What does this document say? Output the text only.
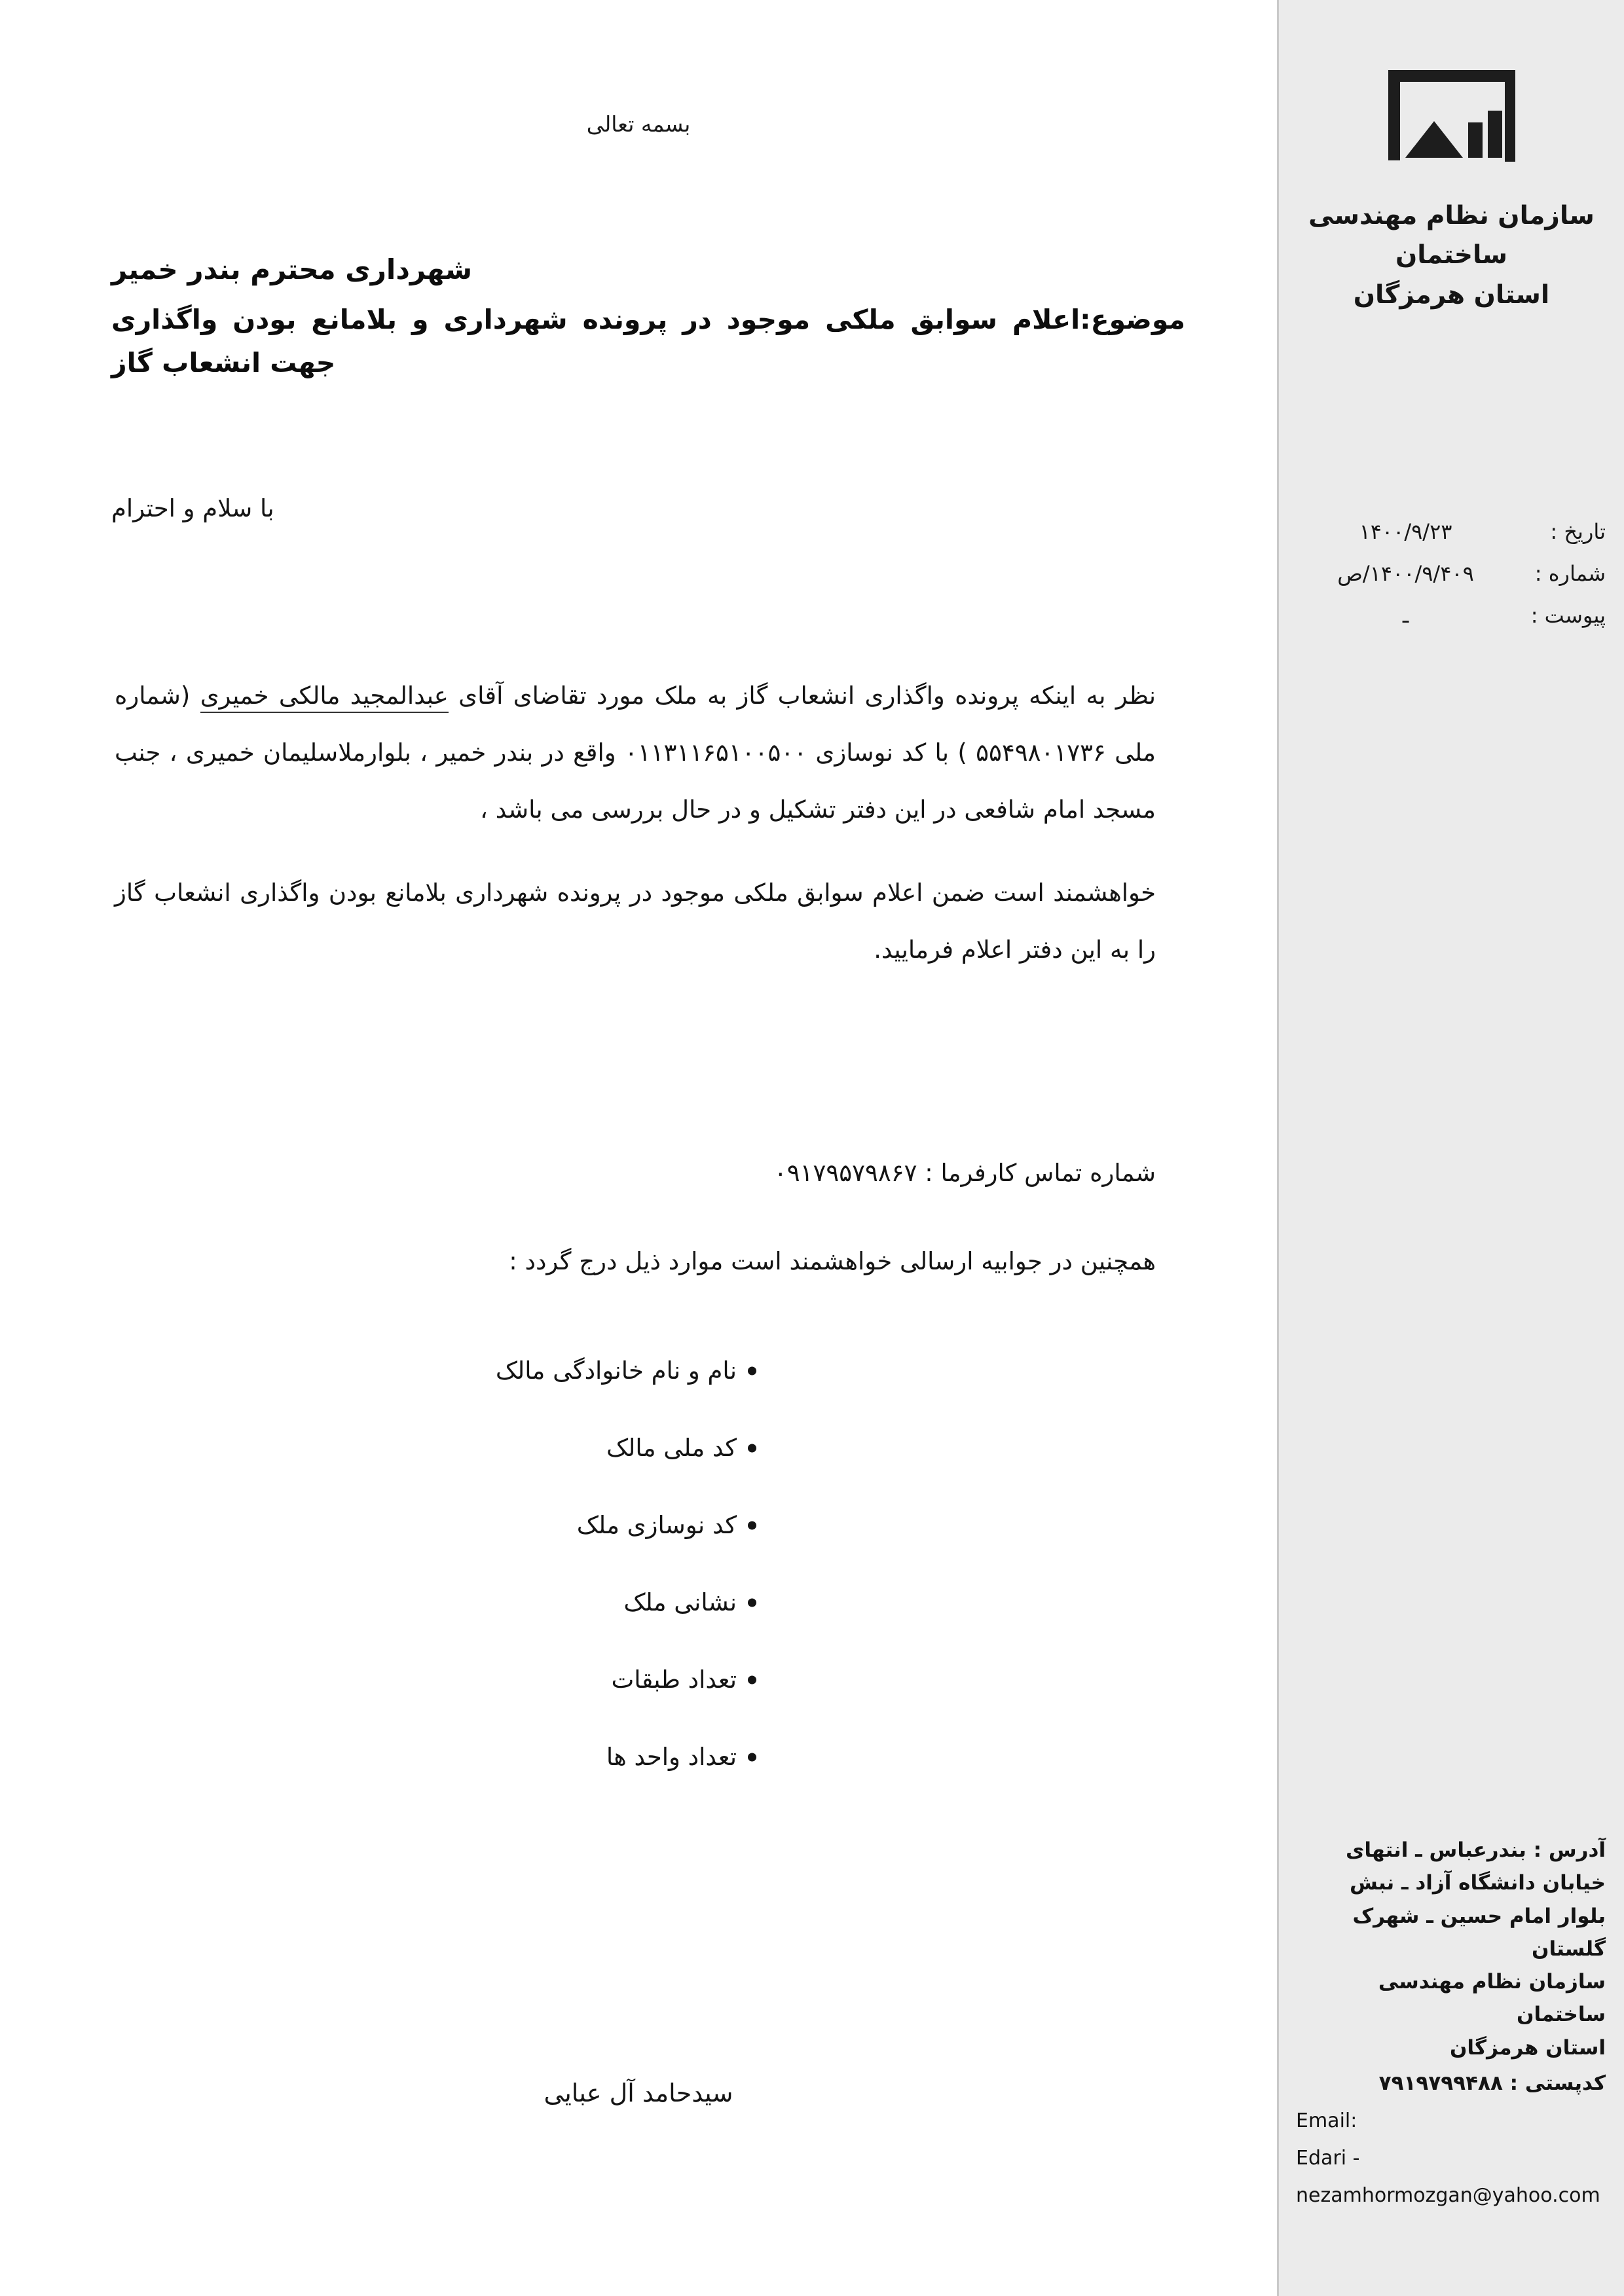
بسمه تعالی
شهرداری محترم بندر خمیر
موضوع:اعلام سوابق ملکی موجود در پرونده شهرداری و بلامانع بودن واگذاری جهت انشعاب گاز
با سلام و احترام

نظر به اینکه پرونده واگذاری انشعاب گاز به ملک مورد تقاضای آقای عبدالمجید مالکی خمیری (شماره ملی ۵۵۴۹۸۰۱۷۳۶ ) با کد نوسازی ۰۱۱۳۱۱۶۵۱۰۰۵۰۰ واقع در بندر خمیر ، بلوارملاسلیمان خمیری ، جنب مسجد امام شافعی در این دفتر تشکیل و در حال بررسی می باشد ،

خواهشمند است ضمن اعلام سوابق ملکی موجود در پرونده شهرداری بلامانع بودن واگذاری انشعاب گاز را به این دفتر اعلام فرمایید.

شماره تماس کارفرما : ۰۹۱۷۹۵۷۹۸۶۷
همچنین در جوابیه ارسالی خواهشمند است موارد ذیل درج گردد :
نام و نام خانوادگی مالک
کد ملی مالک
کد نوسازی ملک
نشانی ملک
تعداد طبقات
تعداد واحد ها
سیدحامد آل عبایی
سازمان نظام مهندسی ساختمان
استان هرمزگان
تاریخ :
۱۴۰۰/۹/۲۳
شماره :
۱۴۰۰/۹/۴۰۹/ص
پیوست :
ـ
آدرس : بندرعباس ـ انتهای
خیابان دانشگاه آزاد ـ نبش
بلوار امام حسین ـ شهرک
گلستان
سازمان نظام مهندسی ساختمان
استان هرمزگان
کدپستی : ۷۹۱۹۷۹۹۴۸۸
Email:
Edari - nezamhormozgan@yahoo.com
